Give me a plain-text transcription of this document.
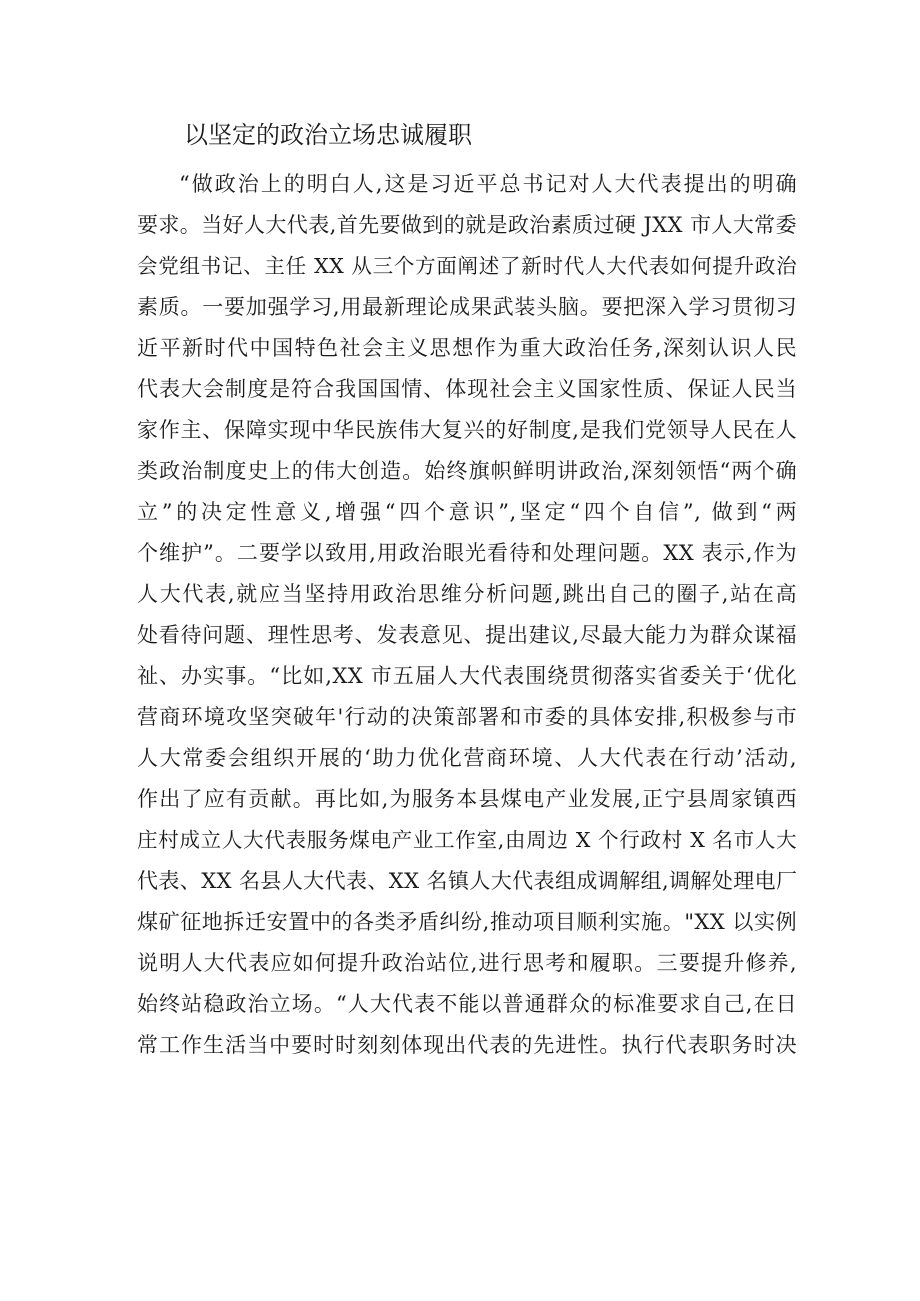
以坚定的政治立场忠诚履职
“做政治上的明白人,这是习近平总书记对人大代表提出的明确
要求。当好人大代表,首先要做到的就是政治素质过硬 JXX 市人大常委
会党组书记、主任 XX 从三个方面阐述了新时代人大代表如何提升政治
素质。一要加强学习,用最新理论成果武装头脑。要把深入学习贯彻习
近平新时代中国特色社会主义思想作为重大政治任务,深刻认识人民
代表大会制度是符合我国国情、体现社会主义国家性质、保证人民当
家作主、保障实现中华民族伟大复兴的好制度,是我们党领导人民在人
类政治制度史上的伟大创造。始终旗帜鲜明讲政治,深刻领悟“两个确
立”的决定性意义,增强“四个意识”,坚定“四个自信”, 做到“两
个维护”。二要学以致用,用政治眼光看待和处理问题。XX 表示,作为
人大代表,就应当坚持用政治思维分析问题,跳出自己的圈子,站在高
处看待问题、理性思考、发表意见、提出建议,尽最大能力为群众谋福
祉、办实事。“比如,XX 市五届人大代表围绕贯彻落实省委关于‘优化
营商环境攻坚突破年'行动的决策部署和市委的具体安排,积极参与市
人大常委会组织开展的‘助力优化营商环境、人大代表在行动’活动,
作出了应有贡献。再比如,为服务本县煤电产业发展,正宁县周家镇西
庄村成立人大代表服务煤电产业工作室,由周边 X 个行政村 X 名市人大
代表、XX 名县人大代表、XX 名镇人大代表组成调解组,调解处理电厂
煤矿征地拆迁安置中的各类矛盾纠纷,推动项目顺利实施。"XX 以实例
说明人大代表应如何提升政治站位,进行思考和履职。三要提升修养,
始终站稳政治立场。“人大代表不能以普通群众的标准要求自己,在日
常工作生活当中要时时刻刻体现出代表的先进性。执行代表职务时决
